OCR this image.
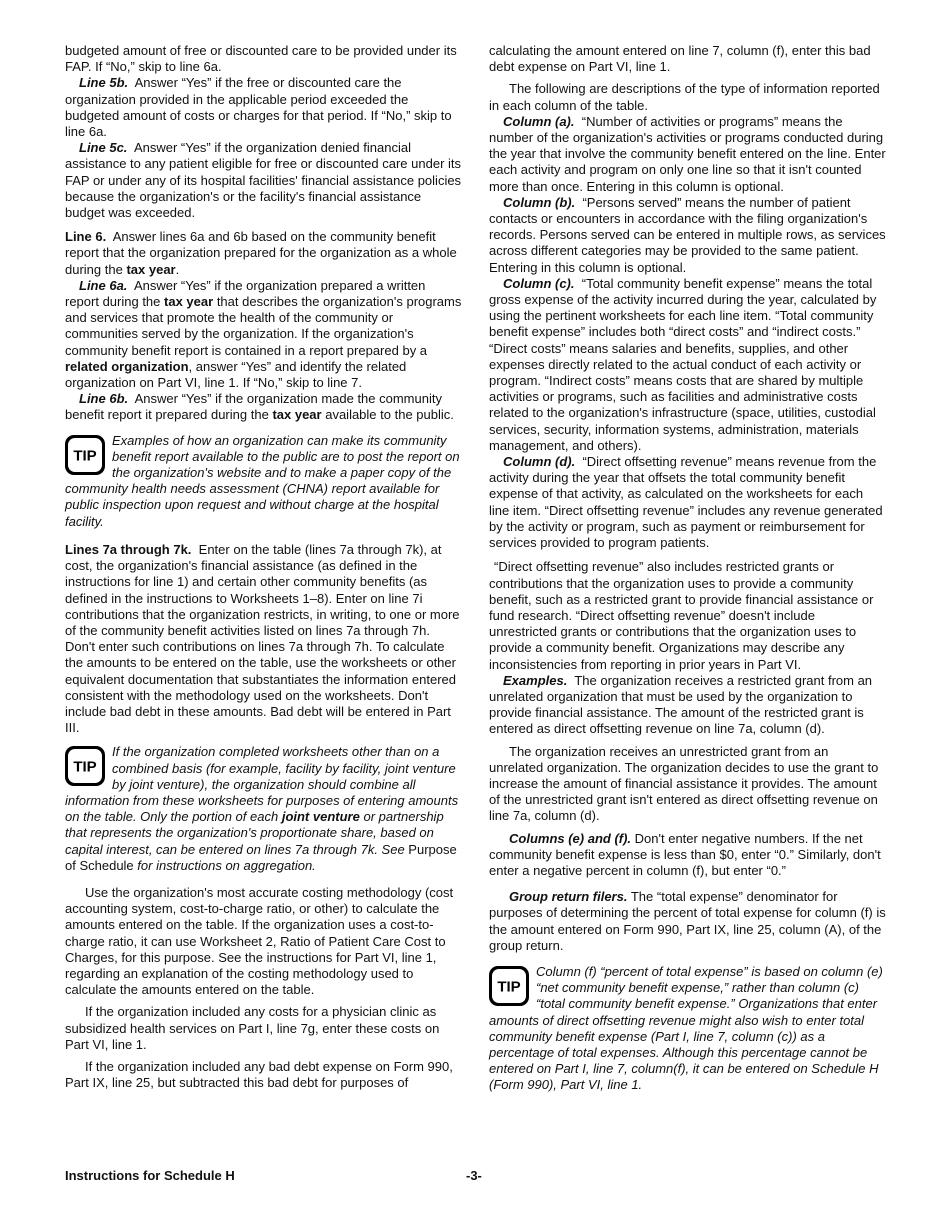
budgeted amount of free or discounted care to be provided under its FAP. If “No,” skip to line 6a.

Line 5b. Answer “Yes” if the free or discounted care the organization provided in the applicable period exceeded the budgeted amount of costs or charges for that period. If “No,” skip to line 6a.

Line 5c. Answer “Yes” if the organization denied financial assistance to any patient eligible for free or discounted care under its FAP or under any of its hospital facilities' financial assistance policies because the organization's or the facility's financial assistance budget was exceeded.

Line 6. Answer lines 6a and 6b based on the community benefit report that the organization prepared for the organization as a whole during the tax year.

Line 6a. Answer “Yes” if the organization prepared a written report during the tax year that describes the organization's programs and services that promote the health of the community or communities served by the organization. If the organization's community benefit report is contained in a report prepared by a related organization, answer “Yes” and identify the related organization on Part VI, line 1. If “No,” skip to line 7.

Line 6b. Answer “Yes” if the organization made the community benefit report it prepared during the tax year available to the public.

TIP
Examples of how an organization can make its community benefit report available to the public are to post the report on the organization's website and to make a paper copy of the community health needs assessment (CHNA) report available for public inspection upon request and without charge at the hospital facility.

Lines 7a through 7k. Enter on the table (lines 7a through 7k), at cost, the organization's financial assistance (as defined in the instructions for line 1) and certain other community benefits (as defined in the instructions to Worksheets 1–8). Enter on line 7i contributions that the organization restricts, in writing, to one or more of the community benefit activities listed on lines 7a through 7h. Don't enter such contributions on lines 7a through 7h. To calculate the amounts to be entered on the table, use the worksheets or other equivalent documentation that substantiates the information entered consistent with the methodology used on the worksheets. Don't include bad debt in these amounts. Bad debt will be entered in Part III.

TIP
If the organization completed worksheets other than on a combined basis (for example, facility by facility, joint venture by joint venture), the organization should combine all information from these worksheets for purposes of entering amounts on the table. Only the portion of each joint venture or partnership that represents the organization's proportionate share, based on capital interest, can be entered on lines 7a through 7k. See Purpose of Schedule for instructions on aggregation.

Use the organization's most accurate costing methodology (cost accounting system, cost-to-charge ratio, or other) to calculate the amounts entered on the table. If the organization uses a cost-to-charge ratio, it can use Worksheet 2, Ratio of Patient Care Cost to Charges, for this purpose. See the instructions for Part VI, line 1, regarding an explanation of the costing methodology used to calculate the amounts entered on the table.

If the organization included any costs for a physician clinic as subsidized health services on Part I, line 7g, enter these costs on Part VI, line 1.

If the organization included any bad debt expense on Form 990, Part IX, line 25, but subtracted this bad debt for purposes of

calculating the amount entered on line 7, column (f), enter this bad debt expense on Part VI, line 1.

The following are descriptions of the type of information reported in each column of the table.

Column (a). “Number of activities or programs” means the number of the organization's activities or programs conducted during the year that involve the community benefit entered on the line. Enter each activity and program on only one line so that it isn't counted more than once. Entering in this column is optional.

Column (b). “Persons served” means the number of patient contacts or encounters in accordance with the filing organization's records. Persons served can be entered in multiple rows, as services across different categories may be provided to the same patient. Entering in this column is optional.

Column (c). “Total community benefit expense” means the total gross expense of the activity incurred during the year, calculated by using the pertinent worksheets for each line item. “Total community benefit expense” includes both “direct costs” and “indirect costs.” “Direct costs” means salaries and benefits, supplies, and other expenses directly related to the actual conduct of each activity or program. “Indirect costs” means costs that are shared by multiple activities or programs, such as facilities and administrative costs related to the organization's infrastructure (space, utilities, custodial services, security, information systems, administration, materials management, and others).

Column (d). “Direct offsetting revenue” means revenue from the activity during the year that offsets the total community benefit expense of that activity, as calculated on the worksheets for each line item. “Direct offsetting revenue” includes any revenue generated by the activity or program, such as payment or reimbursement for services provided to program patients.

“Direct offsetting revenue” also includes restricted grants or contributions that the organization uses to provide a community benefit, such as a restricted grant to provide financial assistance or fund research. “Direct offsetting revenue” doesn't include unrestricted grants or contributions that the organization uses to provide a community benefit. Organizations may describe any inconsistencies from reporting in prior years in Part VI.

Examples. The organization receives a restricted grant from an unrelated organization that must be used by the organization to provide financial assistance. The amount of the restricted grant is entered as direct offsetting revenue on line 7a, column (d).

The organization receives an unrestricted grant from an unrelated organization. The organization decides to use the grant to increase the amount of financial assistance it provides. The amount of the unrestricted grant isn't entered as direct offsetting revenue on line 7a, column (d).

Columns (e) and (f). Don't enter negative numbers. If the net community benefit expense is less than $0, enter “0.” Similarly, don't enter a negative percent in column (f), but enter “0.”

Group return filers. The “total expense” denominator for purposes of determining the percent of total expense for column (f) is the amount entered on Form 990, Part IX, line 25, column (A), of the group return.

TIP
Column (f) “percent of total expense” is based on column (e) “net community benefit expense,” rather than column (c) “total community benefit expense.” Organizations that enter amounts of direct offsetting revenue might also wish to enter total community benefit expense (Part I, line 7, column (c)) as a percentage of total expenses. Although this percentage cannot be entered on Part I, line 7, column(f), it can be entered on Schedule H (Form 990), Part VI, line 1.
Instructions for Schedule H	-3-
